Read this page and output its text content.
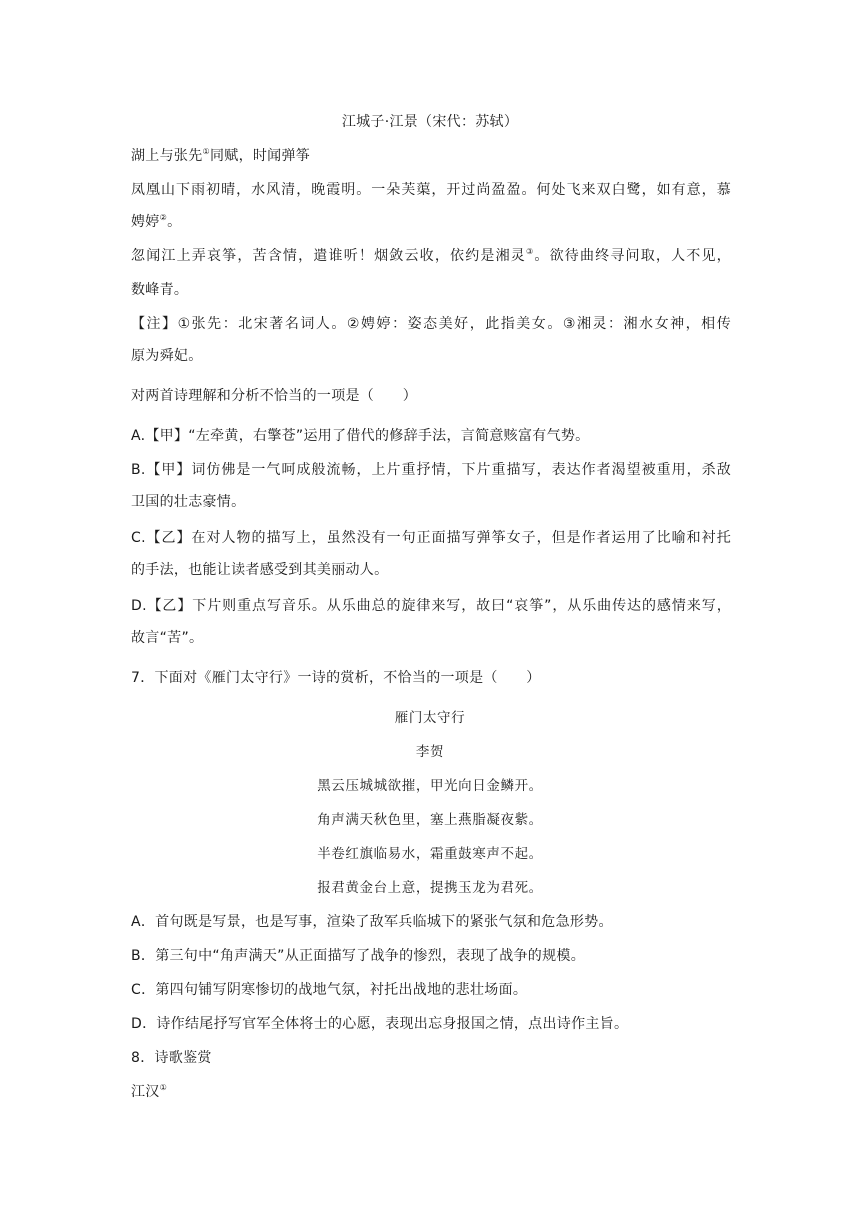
江城子·江景（宋代：苏轼）
湖上与张先①同赋，时闻弹筝
凤凰山下雨初晴，水风清，晚霞明。一朵芙蕖，开过尚盈盈。何处飞来双白鹭，如有意，慕
娉婷②。
忽闻江上弄哀筝，苦含情，遣谁听！烟敛云收，依约是湘灵③。欲待曲终寻问取，人不见，
数峰青。
【注】①张先：北宋著名词人。②娉婷：姿态美好，此指美女。③湘灵：湘水女神，相传
原为舜妃。
对两首诗理解和分析不恰当的一项是（　　）
A.【甲】“左牵黄，右擎苍”运用了借代的修辞手法，言简意赅富有气势。
B.【甲】词仿佛是一气呵成般流畅，上片重抒情，下片重描写，表达作者渴望被重用，杀敌
卫国的壮志豪情。
C.【乙】在对人物的描写上，虽然没有一句正面描写弹筝女子，但是作者运用了比喻和衬托
的手法，也能让读者感受到其美丽动人。
D.【乙】下片则重点写音乐。从乐曲总的旋律来写，故曰“哀筝”，从乐曲传达的感情来写，
故言“苦”。
7．下面对《雁门太守行》一诗的赏析，不恰当的一项是（　　）
雁门太守行
李贺
黑云压城城欲摧，甲光向日金鳞开。
角声满天秋色里，塞上燕脂凝夜紫。
半卷红旗临易水，霜重鼓寒声不起。
报君黄金台上意，提携玉龙为君死。
A．首句既是写景，也是写事，渲染了敌军兵临城下的紧张气氛和危急形势。
B．第三句中“角声满天”从正面描写了战争的惨烈，表现了战争的规模。
C．第四句铺写阴寒惨切的战地气氛，衬托出战地的悲壮场面。
D．诗作结尾抒写官军全体将士的心愿，表现出忘身报国之情，点出诗作主旨。
8．诗歌鉴赏
江汉①
